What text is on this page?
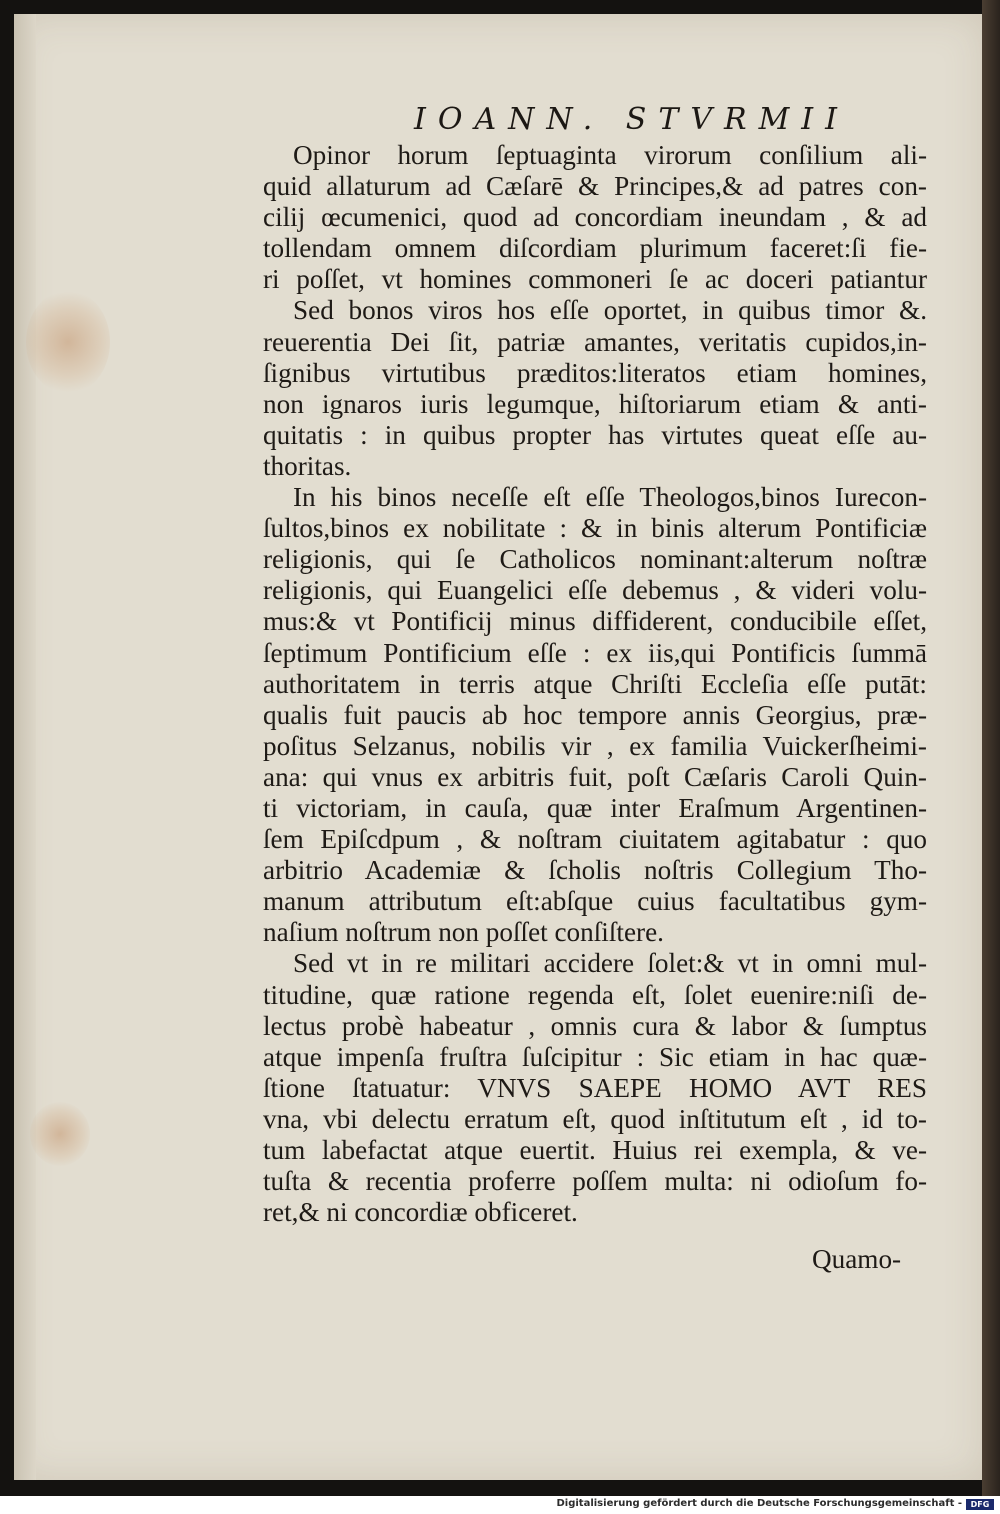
IOANN. STVRMII
Opinor horum ſeptuaginta virorum conſilium ali-
quid allaturum ad Cæſarē & Principes,& ad patres con-
cilij œcumenici, quod ad concordiam ineundam , & ad
tollendam omnem diſcordiam plurimum faceret:ſi fie-
ri poſſet, vt homines commoneri ſe ac doceri patiantur
Sed bonos viros hos eſſe oportet, in quibus timor &.
reuerentia Dei ſit, patriæ amantes, veritatis cupidos,in-
ſignibus virtutibus præditos:literatos etiam homines,
non ignaros iuris legumque, hiſtoriarum etiam & anti-
quitatis : in quibus propter has virtutes queat eſſe au-
thoritas.
In his binos neceſſe eſt eſſe Theologos,binos Iurecon-
ſultos,binos ex nobilitate : & in binis alterum Pontificiæ
religionis, qui ſe Catholicos nominant:alterum noſtræ
religionis, qui Euangelici eſſe debemus , & videri volu-
mus:& vt Pontificij minus diffiderent, conducibile eſſet,
ſeptimum Pontificium eſſe : ex iis,qui Pontificis ſummā
authoritatem in terris atque Chriſti Eccleſia eſſe putāt:
qualis fuit paucis ab hoc tempore annis Georgius, præ-
poſitus Selzanus, nobilis vir , ex familia Vuickerſheimi-
ana: qui vnus ex arbitris fuit, poſt Cæſaris Caroli Quin-
ti victoriam, in cauſa, quæ inter Eraſmum Argentinen-
ſem Epiſcdpum , & noſtram ciuitatem agitabatur : quo
arbitrio Academiæ & ſcholis noſtris Collegium Tho-
manum attributum eſt:abſque cuius facultatibus gym-
naſium noſtrum non poſſet conſiſtere.
Sed vt in re militari accidere ſolet:& vt in omni mul-
titudine, quæ ratione regenda eſt, ſolet euenire:niſi de-
lectus probè habeatur , omnis cura & labor & ſumptus
atque impenſa fruſtra ſuſcipitur : Sic etiam in hac quæ-
ſtione ſtatuatur: VNVS SAEPE HOMO AVT RES
vna, vbi delectu erratum eſt, quod inſtitutum eſt , id to-
tum labefactat atque euertit. Huius rei exempla, & ve-
tuſta & recentia proferre poſſem multa: ni odioſum fo-
ret,& ni concordiæ obficeret.
Quamo-
Digitalisierung gefördert durch die Deutsche Forschungsgemeinschaft -	DFG
